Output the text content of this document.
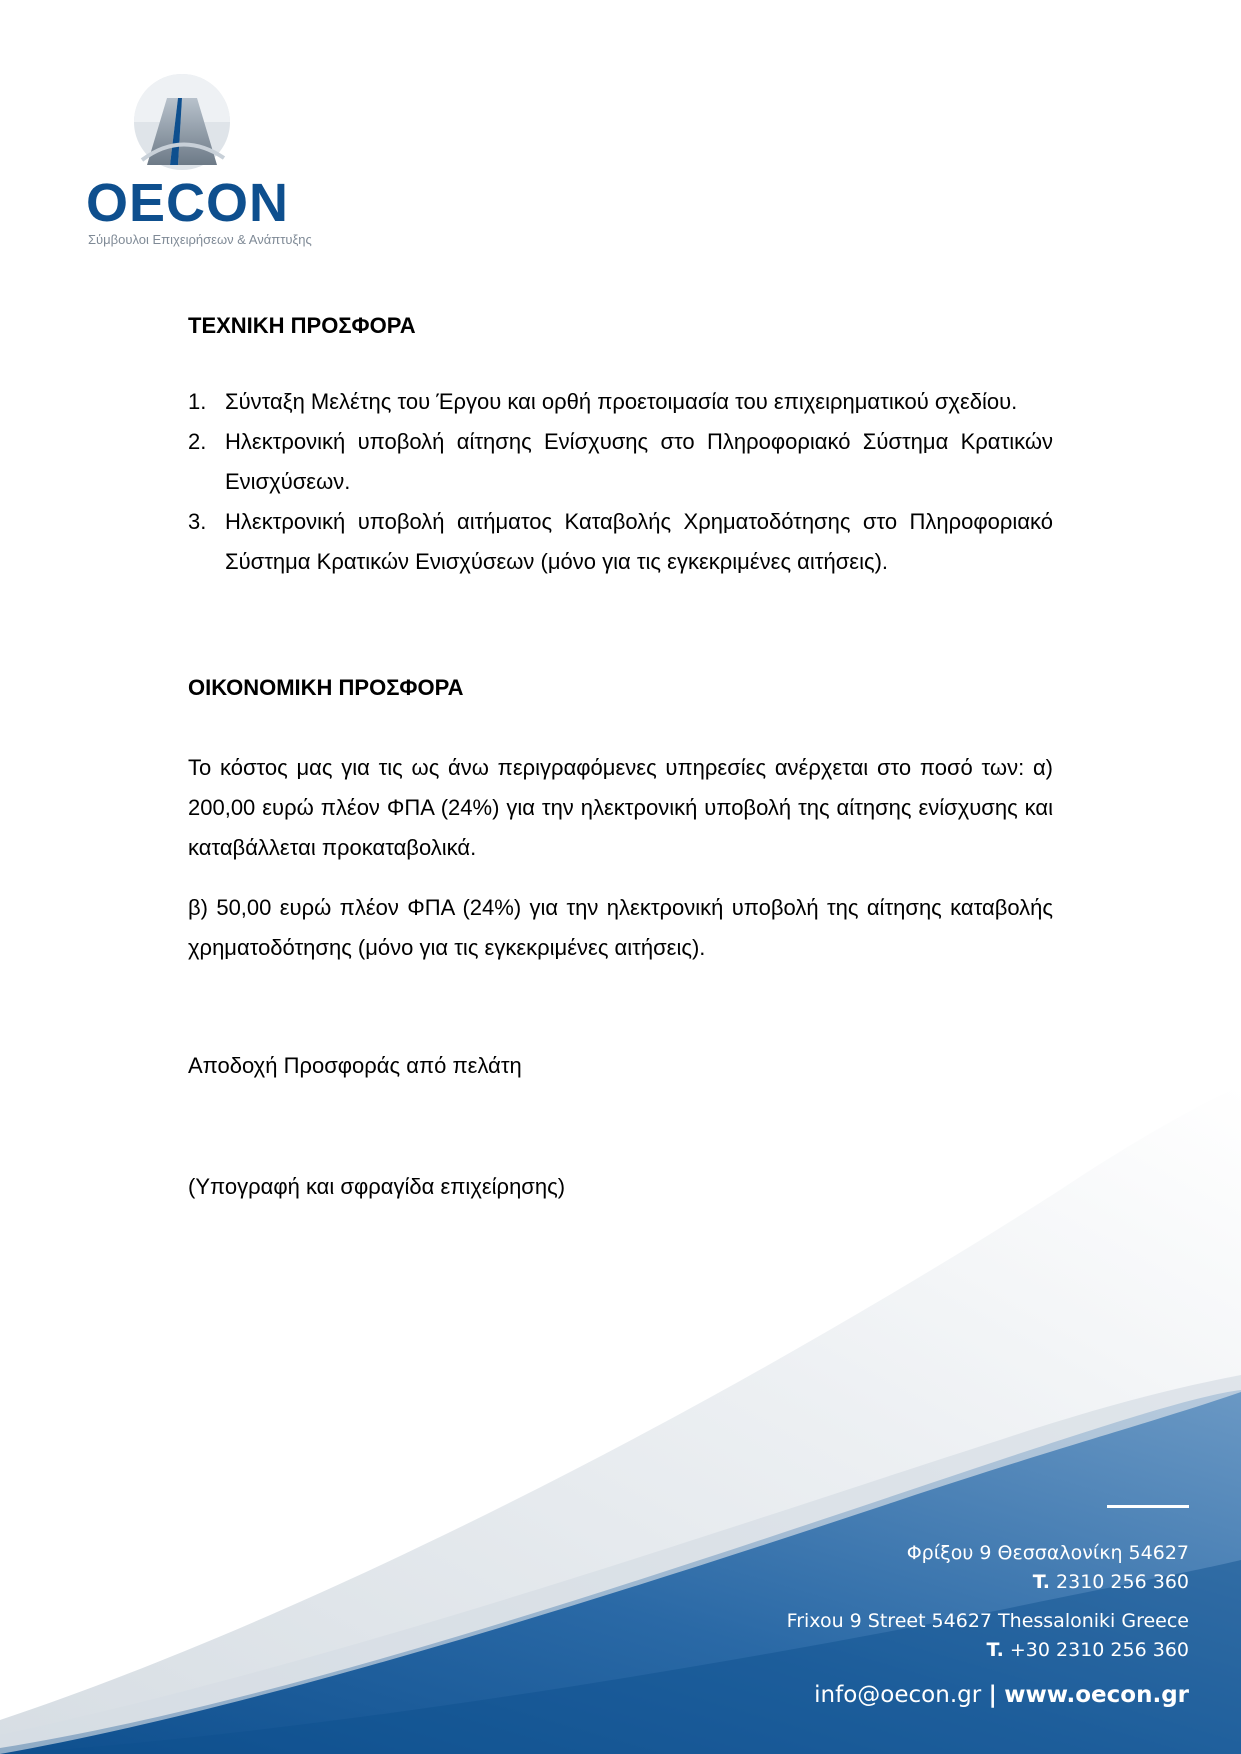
OECON
Σύμβουλοι Επιχειρήσεων & Ανάπτυξης
ΤΕΧΝΙΚΗ ΠΡΟΣΦΟΡΑ
1. Σύνταξη Μελέτης του Έργου και ορθή προετοιμασία του επιχειρηματικού σχεδίου.
2. Ηλεκτρονική υποβολή αίτησης Ενίσχυσης στο Πληροφοριακό Σύστημα Κρατικών Ενισχύσεων.
3. Ηλεκτρονική υποβολή αιτήματος Καταβολής Χρηματοδότησης στο Πληροφοριακό Σύστημα Κρατικών Ενισχύσεων (μόνο για τις εγκεκριμένες αιτήσεις).
ΟΙΚΟΝΟΜΙΚΗ ΠΡΟΣΦΟΡΑ

Το κόστος μας για τις ως άνω περιγραφόμενες υπηρεσίες ανέρχεται στο ποσό των: α) 200,00 ευρώ πλέον ΦΠΑ (24%) για την ηλεκτρονική υποβολή της αίτησης ενίσχυσης και καταβάλλεται προκαταβολικά.

β) 50,00 ευρώ πλέον ΦΠΑ (24%) για την ηλεκτρονική υποβολή της αίτησης καταβολής χρηματοδότησης (μόνο για τις εγκεκριμένες αιτήσεις).

Αποδοχή Προσφοράς από πελάτη

(Υπογραφή και σφραγίδα επιχείρησης)

Φρίξου 9 Θεσσαλονίκη 54627
T. 2310 256 360
Frixou 9 Street 54627 Thessaloniki Greece
T. +30 2310 256 360
info@oecon.gr | www.oecon.gr
